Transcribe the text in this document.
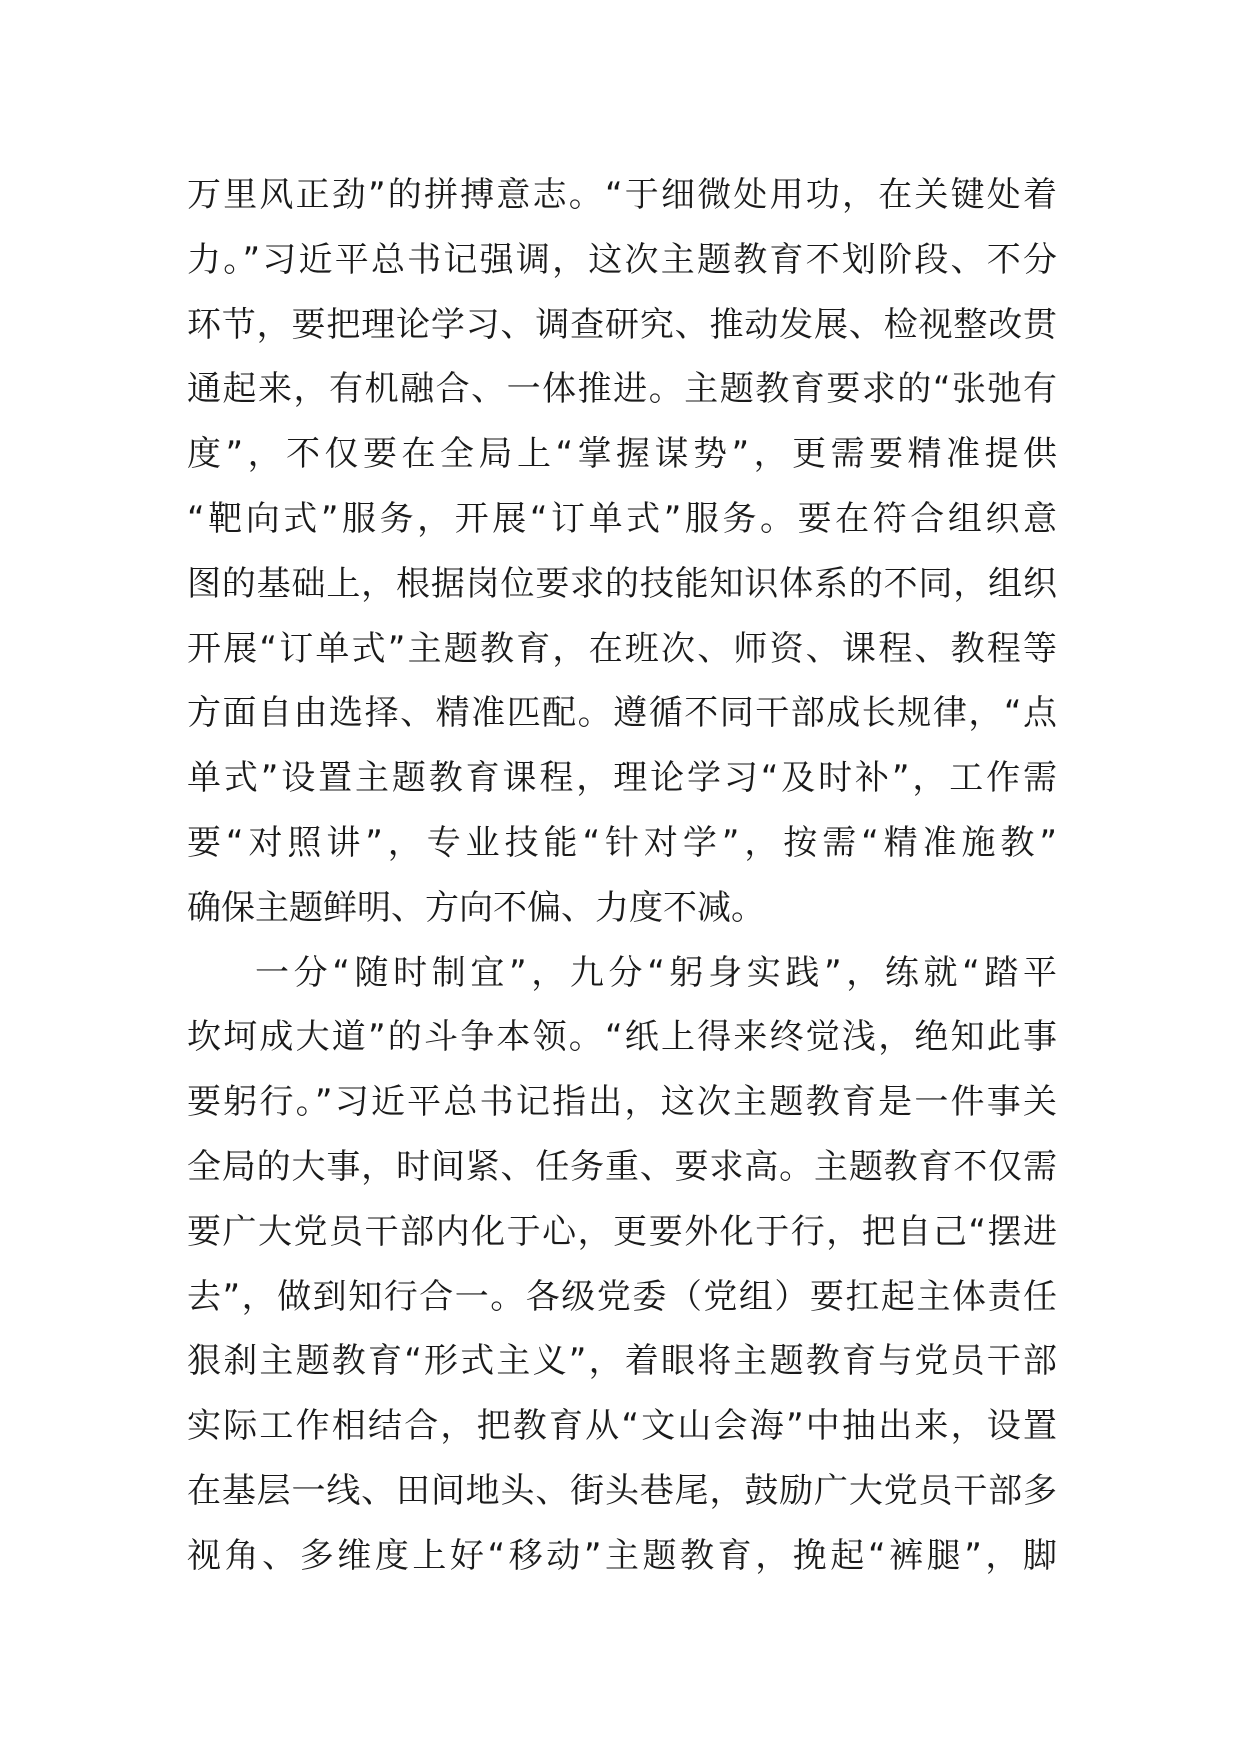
万里风正劲”的拼搏意志。“于细微处用功，在关键处着
力。”习近平总书记强调，这次主题教育不划阶段、不分
环节，要把理论学习、调查研究、推动发展、检视整改贯
通起来，有机融合、一体推进。主题教育要求的“张弛有
度”，不仅要在全局上“掌握谋势”，更需要精准提供
“靶向式”服务，开展“订单式”服务。要在符合组织意
图的基础上，根据岗位要求的技能知识体系的不同，组织
开展“订单式”主题教育，在班次、师资、课程、教程等
方面自由选择、精准匹配。遵循不同干部成长规律，“点
单式”设置主题教育课程，理论学习“及时补”，工作需
要“对照讲”，专业技能“针对学”，按需“精准施教”
确保主题鲜明、方向不偏、力度不减。
一分“随时制宜”，九分“躬身实践”，练就“踏平
坎坷成大道”的斗争本领。“纸上得来终觉浅，绝知此事
要躬行。”习近平总书记指出，这次主题教育是一件事关
全局的大事，时间紧、任务重、要求高。主题教育不仅需
要广大党员干部内化于心，更要外化于行，把自己“摆进
去”，做到知行合一。各级党委（党组）要扛起主体责任
狠刹主题教育“形式主义”，着眼将主题教育与党员干部
实际工作相结合，把教育从“文山会海”中抽出来，设置
在基层一线、田间地头、街头巷尾，鼓励广大党员干部多
视角、多维度上好“移动”主题教育，挽起“裤腿”，脚
